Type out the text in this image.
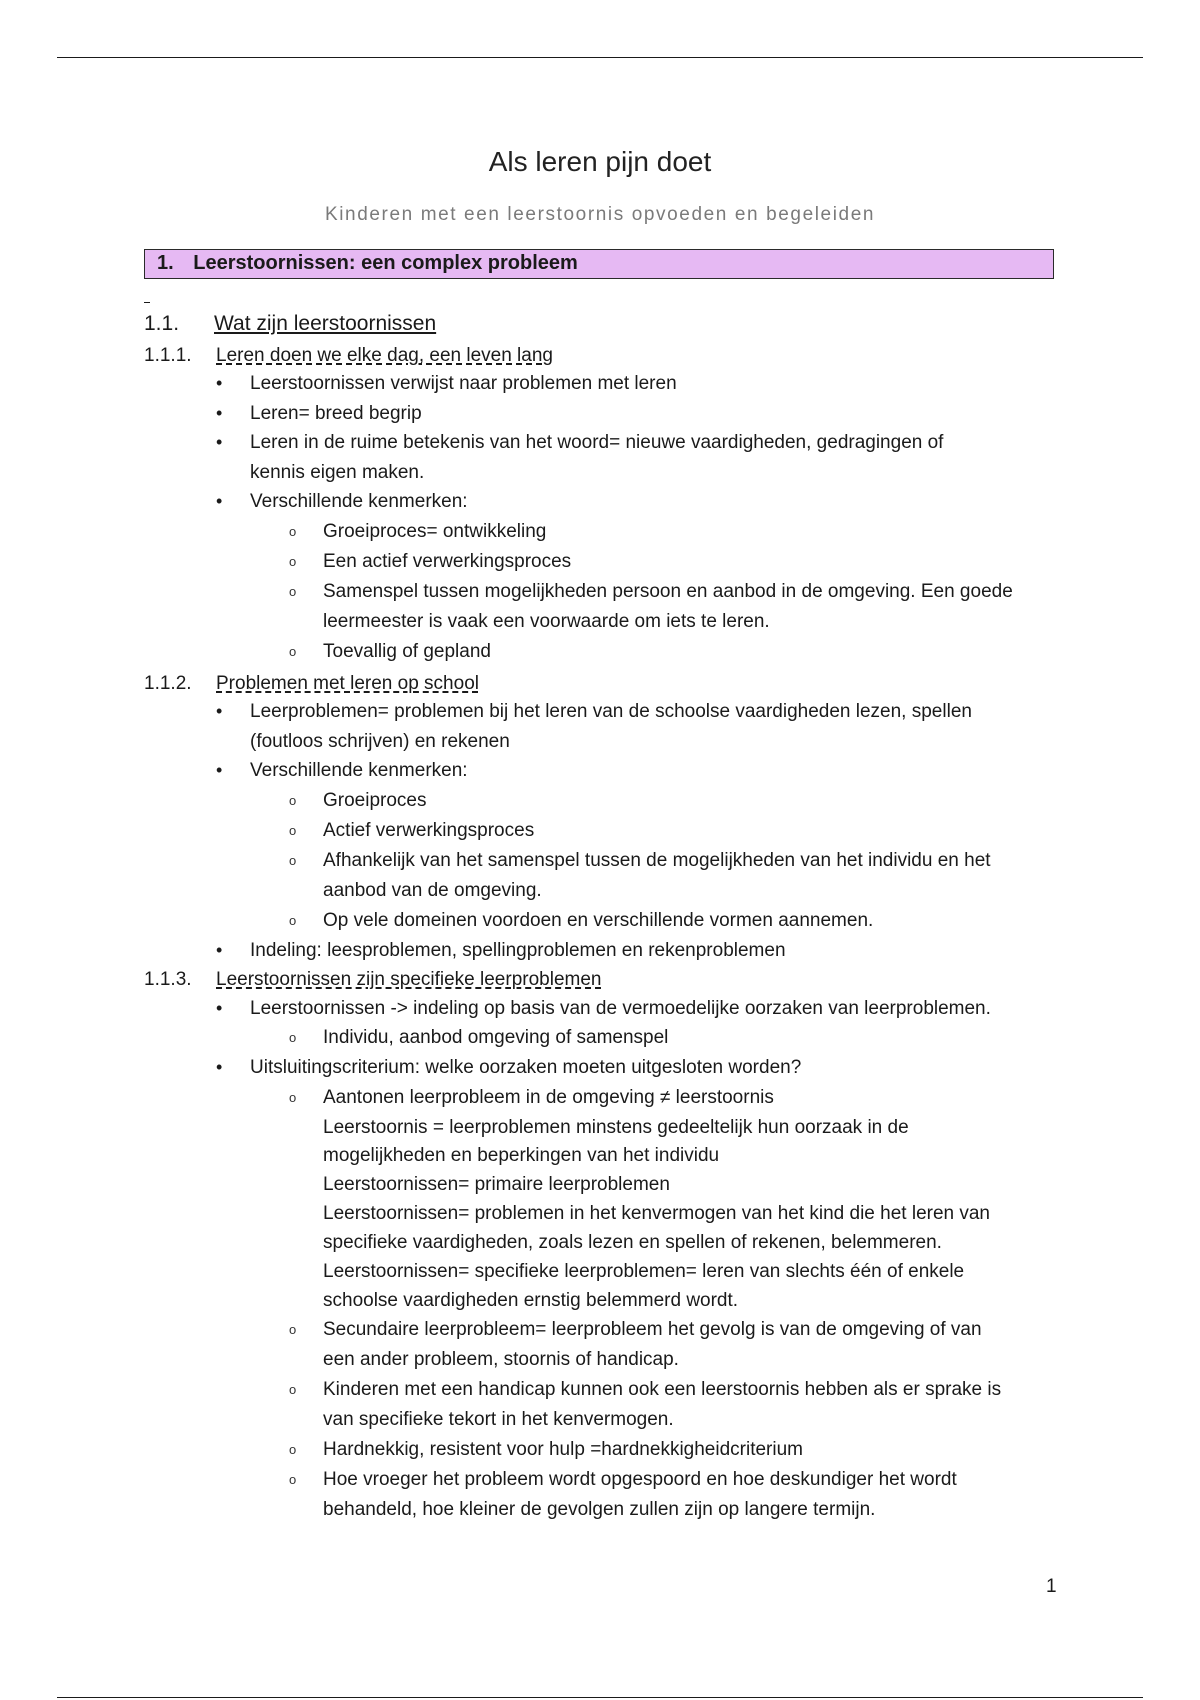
Als leren pijn doet
Kinderen met een leerstoornis opvoeden en begeleiden
1. Leerstoornissen: een complex probleem
1.1. Wat zijn leerstoornissen
1.1.1. Leren doen we elke dag, een leven lang
• Leerstoornissen verwijst naar problemen met leren
• Leren= breed begrip
• Leren in de ruime betekenis van het woord= nieuwe vaardigheden, gedragingen of
kennis eigen maken.
• Verschillende kenmerken:
o Groeiproces= ontwikkeling
o Een actief verwerkingsproces
o Samenspel tussen mogelijkheden persoon en aanbod in de omgeving. Een goede
leermeester is vaak een voorwaarde om iets te leren.
o Toevallig of gepland
1.1.2. Problemen met leren op school
• Leerproblemen= problemen bij het leren van de schoolse vaardigheden lezen, spellen
(foutloos schrijven) en rekenen
• Verschillende kenmerken:
o Groeiproces
o Actief verwerkingsproces
o Afhankelijk van het samenspel tussen de mogelijkheden van het individu en het
aanbod van de omgeving.
o Op vele domeinen voordoen en verschillende vormen aannemen.
• Indeling: leesproblemen, spellingproblemen en rekenproblemen
1.1.3. Leerstoornissen zijn specifieke leerproblemen
• Leerstoornissen -> indeling op basis van de vermoedelijke oorzaken van leerproblemen.
o Individu, aanbod omgeving of samenspel
• Uitsluitingscriterium: welke oorzaken moeten uitgesloten worden?
o Aantonen leerprobleem in de omgeving ≠ leerstoornis
Leerstoornis = leerproblemen minstens gedeeltelijk hun oorzaak in de
mogelijkheden en beperkingen van het individu
Leerstoornissen= primaire leerproblemen
Leerstoornissen= problemen in het kenvermogen van het kind die het leren van
specifieke vaardigheden, zoals lezen en spellen of rekenen, belemmeren.
Leerstoornissen= specifieke leerproblemen= leren van slechts één of enkele
schoolse vaardigheden ernstig belemmerd wordt.
o Secundaire leerprobleem= leerprobleem het gevolg is van de omgeving of van
een ander probleem, stoornis of handicap.
o Kinderen met een handicap kunnen ook een leerstoornis hebben als er sprake is
van specifieke tekort in het kenvermogen.
o Hardnekkig, resistent voor hulp =hardnekkigheidcriterium
o Hoe vroeger het probleem wordt opgespoord en hoe deskundiger het wordt
behandeld, hoe kleiner de gevolgen zullen zijn op langere termijn.
1
